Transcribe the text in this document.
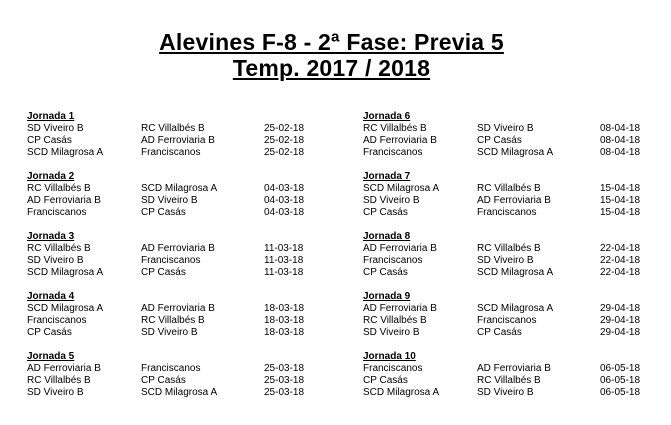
Alevines F-8 - 2ª Fase: Previa 5
Temp. 2017 / 2018
Jornada 1
SD Viveiro B	RC Villalbés B	25-02-18
CP Casás	AD Ferroviaria B	25-02-18
SCD Milagrosa A	Franciscanos	25-02-18
Jornada 2
RC Villalbés B	SCD Milagrosa A	04-03-18
AD Ferroviaria B	SD Viveiro B	04-03-18
Franciscanos	CP Casás	04-03-18
Jornada 3
RC Villalbés B	AD Ferroviaria B	11-03-18
SD Viveiro B	Franciscanos	11-03-18
SCD Milagrosa A	CP Casás	11-03-18
Jornada 4
SCD Milagrosa A	AD Ferroviaria B	18-03-18
Franciscanos	RC Villalbés B	18-03-18
CP Casás	SD Viveiro B	18-03-18
Jornada 5
AD Ferroviaria B	Franciscanos	25-03-18
RC Villalbés B	CP Casás	25-03-18
SD Viveiro B	SCD Milagrosa A	25-03-18
Jornada 6
RC Villalbés B	SD Viveiro B	08-04-18
AD Ferroviaria B	CP Casás	08-04-18
Franciscanos	SCD Milagrosa A	08-04-18
Jornada 7
SCD Milagrosa A	RC Villalbés B	15-04-18
SD Viveiro B	AD Ferroviaria B	15-04-18
CP Casás	Franciscanos	15-04-18
Jornada 8
AD Ferroviaria B	RC Villalbés B	22-04-18
Franciscanos	SD Viveiro B	22-04-18
CP Casás	SCD Milagrosa A	22-04-18
Jornada 9
AD Ferroviaria B	SCD Milagrosa A	29-04-18
RC Villalbés B	Franciscanos	29-04-18
SD Viveiro B	CP Casás	29-04-18
Jornada 10
Franciscanos	AD Ferroviaria B	06-05-18
CP Casás	RC Villalbés B	06-05-18
SCD Milagrosa A	SD Viveiro B	06-05-18
